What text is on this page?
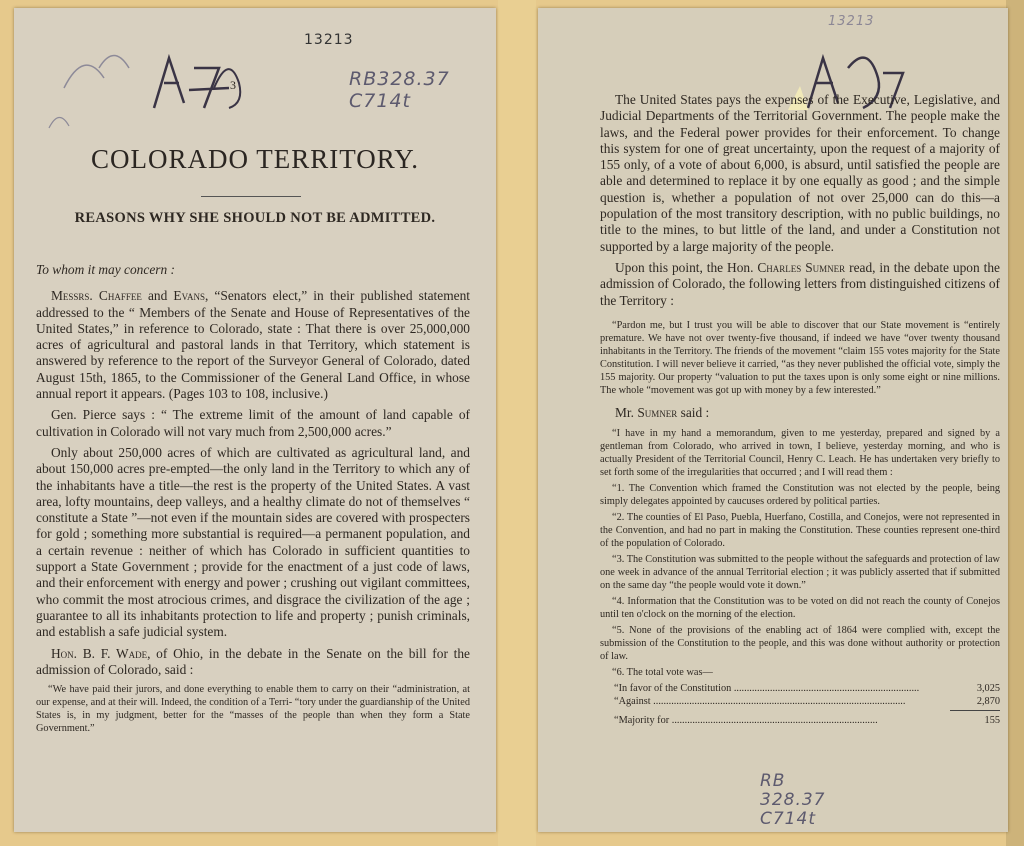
13213
RB328.37 C714t
3
COLORADO TERRITORY.
REASONS WHY SHE SHOULD NOT BE ADMITTED.

To whom it may concern :

Messrs. Chaffee and Evans, “Senators elect,” in their published statement addressed to the “ Members of the Senate and House of Representatives of the United States,” in reference to Colorado, state : That there is over 25,000,000 acres of agricultural and pastoral lands in that Territory, which statement is answered by reference to the report of the Surveyor General of Colorado, dated August 15th, 1865, to the Commissioner of the General Land Office, in whose annual report it appears. (Pages 103 to 108, inclusive.)

Gen. Pierce says : “ The extreme limit of the amount of land capable of cultivation in Colorado will not vary much from 2,500,000 acres.”

Only about 250,000 acres of which are cultivated as agricultural land, and about 150,000 acres pre-empted—the only land in the Territory to which any of the inhabitants have a title—the rest is the property of the United States. A vast area, lofty mountains, deep valleys, and a healthy climate do not of themselves “ constitute a State ”—not even if the mountain sides are covered with prospecters for gold ; something more substantial is required—a permanent population, and a certain revenue : neither of which has Colorado in sufficient quantities to support a State Government ; provide for the enactment of a just code of laws, and their enforcement with energy and power ; crushing out vigilant committees, who commit the most atrocious crimes, and disgrace the civilization of the age ; guarantee to all its inhabitants protection to life and property ; punish criminals, and establish a safe judicial system.

Hon. B. F. Wade, of Ohio, in the debate in the Senate on the bill for the admission of Colorado, said :

“We have paid their jurors, and done everything to enable them to carry on their “administration, at our expense, and at their will. Indeed, the condition of a Terri- “tory under the guardianship of the United States is, in my judgment, better for the “masses of the people than when they form a State Government.”

13213
RB 328.37 C714t

The United States pays the expenses of the Executive, Legislative, and Judicial Departments of the Territorial Government. The people make the laws, and the Federal power provides for their enforcement. To change this system for one of great uncertainty, upon the request of a majority of 155 only, of a vote of about 6,000, is absurd, until satisfied the people are able and determined to replace it by one equally as good ; and the simple question is, whether a population of not over 25,000 can do this—a population of the most transitory description, with no public buildings, no title to the mines, to but little of the land, and under a Constitution not supported by a large majority of the people.

Upon this point, the Hon. Charles Sumner read, in the debate upon the admission of Colorado, the following letters from distinguished citizens of the Territory :

“Pardon me, but I trust you will be able to discover that our State movement is “entirely premature. We have not over twenty-five thousand, if indeed we have “over twenty thousand inhabitants in the Territory. The friends of the movement “claim 155 votes majority for the State Constitution. I will never believe it carried, “as they never published the official vote, simply the 155 majority. Our property “valuation to put the taxes upon is only some eight or nine millions. The whole “movement was got up with money by a few interested.”

Mr. Sumner said :

“I have in my hand a memorandum, given to me yesterday, prepared and signed by a gentleman from Colorado, who arrived in town, I believe, yesterday morning, and who is actually President of the Territorial Council, Henry C. Leach. He has undertaken very briefly to set forth some of the irregularities that occurred ; and I will read them :

“1. The Convention which framed the Constitution was not elected by the people, being simply delegates appointed by caucuses ordered by political parties.

“2. The counties of El Paso, Puebla, Huerfano, Costilla, and Conejos, were not represented in the Convention, and had no part in making the Constitution. These counties represent one-third of the population of Colorado.

“3. The Constitution was submitted to the people without the safeguards and protection of law one week in advance of the annual Territorial election ; it was publicly asserted that if submitted on the same day “the people would vote it down.”

“4. Information that the Constitution was to be voted on did not reach the county of Conejos until ten o'clock on the morning of the election.

“5. None of the provisions of the enabling act of 1864 were complied with, except the submission of the Constitution to the people, and this was done without authority or protection of law.

“6. The total vote was—

“In favor of the Constitution ........................................................................	3,025
“Against ..................................................................................................	2,870
“Majority for ................................................................................	155
